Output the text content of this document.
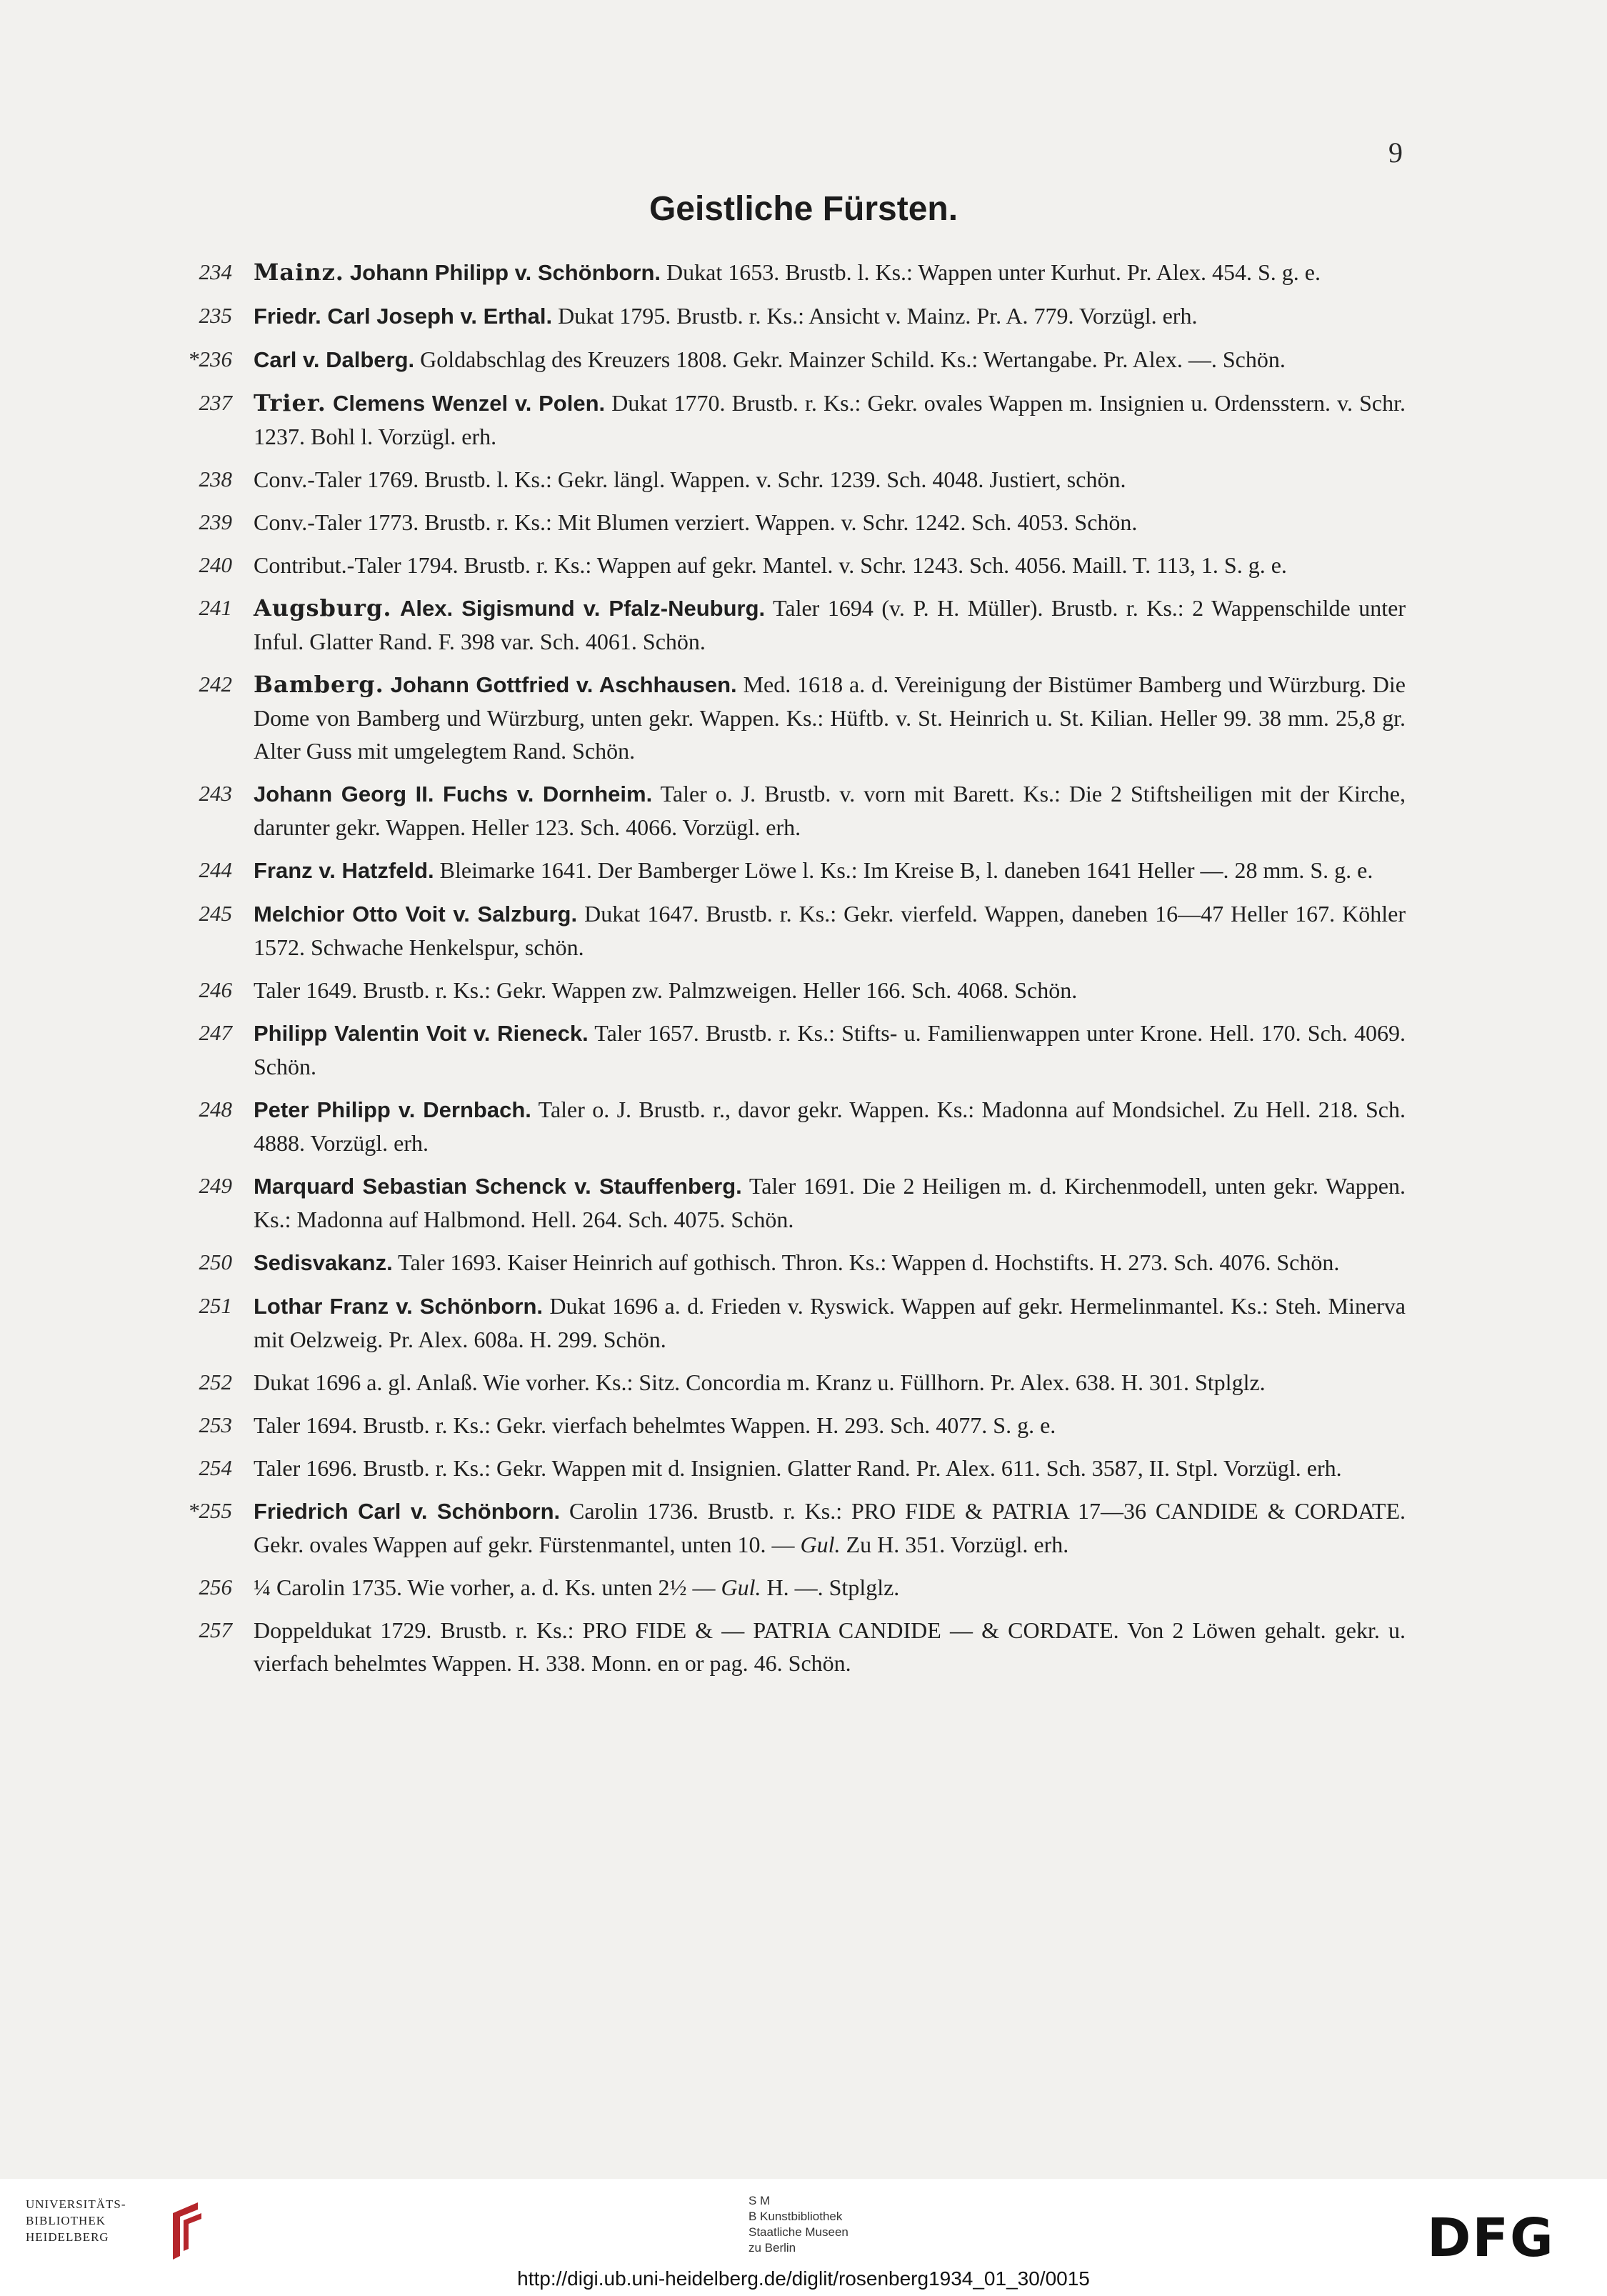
9
Geistliche Fürsten.
234 Mainz. Johann Philipp v. Schönborn. Dukat 1653. Brustb. l. Ks.: Wappen unter Kurhut. Pr. Alex. 454. S. g. e.
235 Friedr. Carl Joseph v. Erthal. Dukat 1795. Brustb. r. Ks.: Ansicht v. Mainz. Pr. A. 779. Vorzügl. erh.
*236 Carl v. Dalberg. Goldabschlag des Kreuzers 1808. Gekr. Mainzer Schild. Ks.: Wertangabe. Pr. Alex. —. Schön.
237 Trier. Clemens Wenzel v. Polen. Dukat 1770. Brustb. r. Ks.: Gekr. ovales Wappen m. Insignien u. Ordensstern. v. Schr. 1237. Bohl l. Vorzügl. erh.
238 Conv.-Taler 1769. Brustb. l. Ks.: Gekr. längl. Wappen. v. Schr. 1239. Sch. 4048. Justiert, schön.
239 Conv.-Taler 1773. Brustb. r. Ks.: Mit Blumen verziert. Wappen. v. Schr. 1242. Sch. 4053. Schön.
240 Contribut.-Taler 1794. Brustb. r. Ks.: Wappen auf gekr. Mantel. v. Schr. 1243. Sch. 4056. Maill. T. 113, 1. S. g. e.
241 Augsburg. Alex. Sigismund v. Pfalz-Neuburg. Taler 1694 (v. P. H. Müller). Brustb. r. Ks.: 2 Wappenschilde unter Inful. Glatter Rand. F. 398 var. Sch. 4061. Schön.
242 Bamberg. Johann Gottfried v. Aschhausen. Med. 1618 a. d. Vereinigung der Bistümer Bamberg und Würzburg. Die Dome von Bamberg und Würzburg, unten gekr. Wappen. Ks.: Hüftb. v. St. Heinrich u. St. Kilian. Heller 99. 38 mm. 25,8 gr. Alter Guss mit umgelegtem Rand. Schön.
243 Johann Georg II. Fuchs v. Dornheim. Taler o. J. Brustb. v. vorn mit Barett. Ks.: Die 2 Stiftsheiligen mit der Kirche, darunter gekr. Wappen. Heller 123. Sch. 4066. Vorzügl. erh.
244 Franz v. Hatzfeld. Bleimarke 1641. Der Bamberger Löwe l. Ks.: Im Kreise B, l. daneben 1641 Heller —. 28 mm. S. g. e.
245 Melchior Otto Voit v. Salzburg. Dukat 1647. Brustb. r. Ks.: Gekr. vierfeld. Wappen, daneben 16—47 Heller 167. Köhler 1572. Schwache Henkelspur, schön.
246 Taler 1649. Brustb. r. Ks.: Gekr. Wappen zw. Palmzweigen. Heller 166. Sch. 4068. Schön.
247 Philipp Valentin Voit v. Rieneck. Taler 1657. Brustb. r. Ks.: Stifts- u. Familienwappen unter Krone. Hell. 170. Sch. 4069. Schön.
248 Peter Philipp v. Dernbach. Taler o. J. Brustb. r., davor gekr. Wappen. Ks.: Madonna auf Mondsichel. Zu Hell. 218. Sch. 4888. Vorzügl. erh.
249 Marquard Sebastian Schenck v. Stauffenberg. Taler 1691. Die 2 Heiligen m. d. Kirchenmodell, unten gekr. Wappen. Ks.: Madonna auf Halbmond. Hell. 264. Sch. 4075. Schön.
250 Sedisvakanz. Taler 1693. Kaiser Heinrich auf gothisch. Thron. Ks.: Wappen d. Hochstifts. H. 273. Sch. 4076. Schön.
251 Lothar Franz v. Schönborn. Dukat 1696 a. d. Frieden v. Ryswick. Wappen auf gekr. Hermelinmantel. Ks.: Steh. Minerva mit Oelzweig. Pr. Alex. 608a. H. 299. Schön.
252 Dukat 1696 a. gl. Anlaß. Wie vorher. Ks.: Sitz. Concordia m. Kranz u. Füllhorn. Pr. Alex. 638. H. 301. Stplglz.
253 Taler 1694. Brustb. r. Ks.: Gekr. vierfach behelmtes Wappen. H. 293. Sch. 4077. S. g. e.
254 Taler 1696. Brustb. r. Ks.: Gekr. Wappen mit d. Insignien. Glatter Rand. Pr. Alex. 611. Sch. 3587, II. Stpl. Vorzügl. erh.
*255 Friedrich Carl v. Schönborn. Carolin 1736. Brustb. r. Ks.: PRO FIDE & PATRIA 17—36 CANDIDE & CORDATE. Gekr. ovales Wappen auf gekr. Fürstenmantel, unten 10. — Gul. Zu H. 351. Vorzügl. erh.
256 ¼ Carolin 1735. Wie vorher, a. d. Ks. unten 2½ — Gul. H. —. Stplglz.
257 Doppeldukat 1729. Brustb. r. Ks.: PRO FIDE & — PATRIA CANDIDE — & CORDATE. Von 2 Löwen gehalt. gekr. u. vierfach behelmtes Wappen. H. 338. Monn. en or pag. 46. Schön.
UNIVERSITÄTS-
BIBLIOTHEK
HEIDELBERG
S M
B Kunstbibliothek
Staatliche Museen
zu Berlin	DFG
http://digi.ub.uni-heidelberg.de/diglit/rosenberg1934_01_30/0015
